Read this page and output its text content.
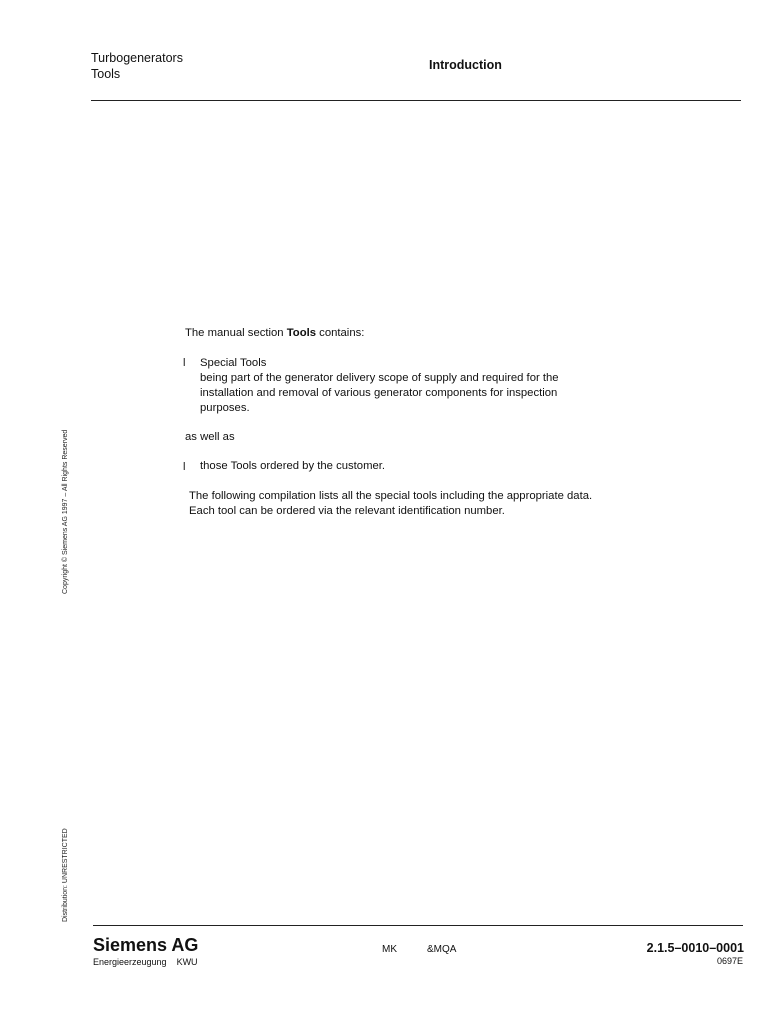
Turbogenerators
Tools
Introduction
The manual section Tools contains:
l Special Tools
being part of the generator delivery scope of supply and required for the
installation and removal of various generator components for inspection
purposes.
as well as
l those Tools ordered by the customer.
The following compilation lists all the special tools including the appropriate data.
Each tool can be ordered via the relevant identification number.
Copyright © Siemens AG 1997 – All Rights Reserved
Distribution: UNRESTRICTED
Siemens AG
Energieerzeugung KWU
MK	&MQA	2.1.5–0010–0001
0697E
